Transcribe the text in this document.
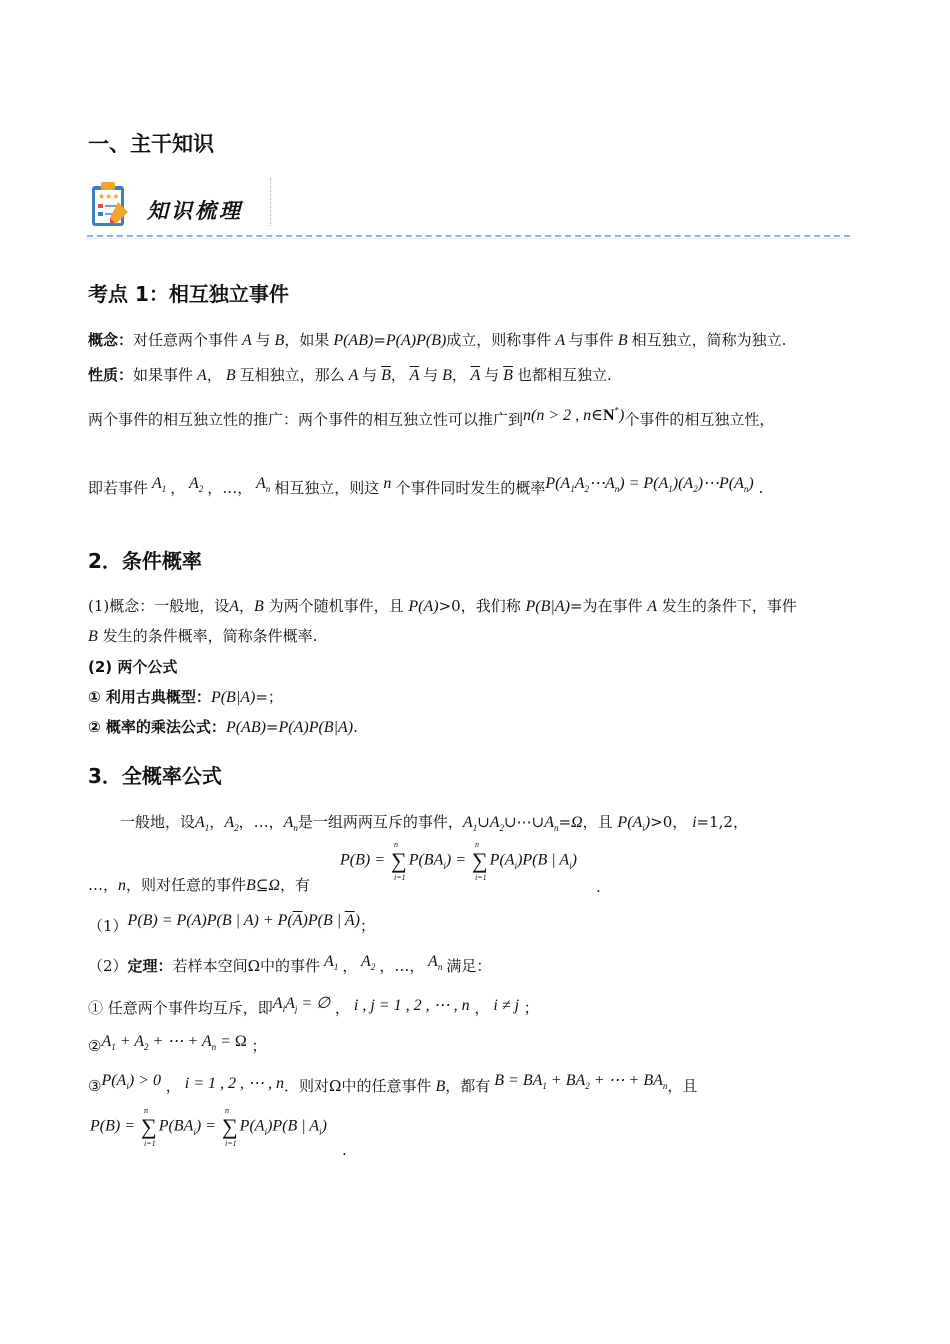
一、主干知识
★★★
知识梳理
考点 1：相互独立事件
概念：对任意两个事件 A 与 B，如果 P(AB)=P(A)P(B)成立，则称事件 A 与事件 B 相互独立，简称为独立.
性质：如果事件 A， B 互相独立，那么 A 与 $\overline{B}$， $\overline{A}$ 与 B， $\overline{A}$ 与 $\overline{B}$ 也都相互独立.
两个事件的相互独立性的推广：两个事件的相互独立性可以推广到n(n > 2 , n∈N*)个事件的相互独立性，
即若事件 $A_1$ ， $A_2$ ，…， $A_n$ 相互独立，则这 n 个事件同时发生的概率$P(A_1A_2\cdots A_n)$ = $P(A_1)(A_2)\cdots P(A_n)$ .
2．条件概率
(1)概念：一般地，设A，B 为两个随机事件，且 P(A)>0，我们称 P(B|A)=为在事件 A 发生的条件下，事件
B 发生的条件概率，简称条件概率.
(2) 两个公式
① 利用古典概型：P(B|A)=；
② 概率的乘法公式：P(AB)=P(A)P(B|A).
3．全概率公式
一般地，设$A_1$，$A_2$，…，$A_n$是一组两两互斥的事件，$A_1\cup A_2\cup\cdots\cup A_n=\Omega$，且 $P(A_i)>0$， i=1,2，
P(B) = ∑
n
i=1
$P(BA_i)$ = ∑
n
i=1
$P(A_i)P(B$ | $A_i$)
…，n，则对任意的事件B⊆Ω，有	.
（1）P(B) = P(A)P(B | $A) + P(\overline{A})P(B$ | $\overline{A}$)；
（2）定理：若样本空间Ω中的事件 $A_1$ ， $A_2$ ，…， $A_n$ 满足：
① 任意两个事件均互斥，即$A_iA_j$ = ∅ ， i , j = 1 , 2 , ⋯ , n ， i ≠ j ；
$②A_1 + A_2$ + ⋯ + $A_n = \Omega$ ；
$③P(A_i) > 0$ ， i = 1 , 2 , ⋯ , n．则对Ω中的任意事件 B，都有 $B = BA_1 + BA_2$ + ⋯ + $BA_n$，且
P(B) = ∑
n
i=1
$P(BA_i)$ = ∑
n
i=1
$P(A_i)P(B$ | $A_i$)
.
